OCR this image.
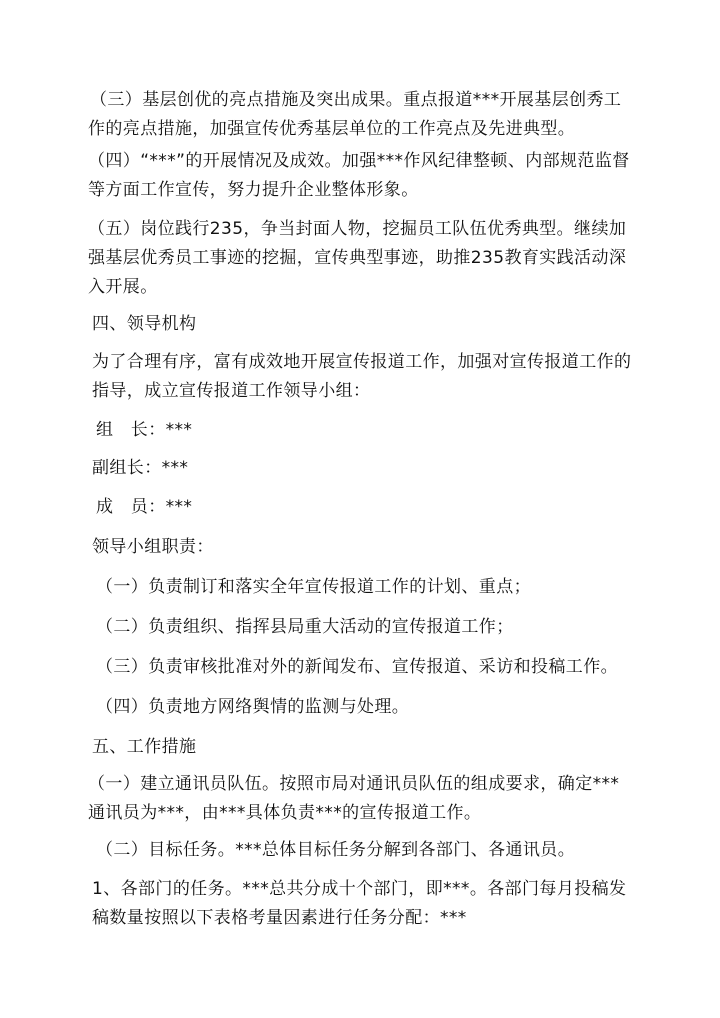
（三）基层创优的亮点措施及突出成果。重点报道***开展基层创秀工作的亮点措施，加强宣传优秀基层单位的工作亮点及先进典型。

（四）“***”的开展情况及成效。加强***作风纪律整顿、内部规范监督等方面工作宣传，努力提升企业整体形象。

（五）岗位践行235，争当封面人物，挖掘员工队伍优秀典型。继续加强基层优秀员工事迹的挖掘，宣传典型事迹，助推235教育实践活动深入开展。

四、领导机构

为了合理有序，富有成效地开展宣传报道工作，加强对宣传报道工作的指导，成立宣传报道工作领导小组：

组　长：***

副组长：***

成　员：***

领导小组职责：

（一）负责制订和落实全年宣传报道工作的计划、重点；

（二）负责组织、指挥县局重大活动的宣传报道工作；

（三）负责审核批准对外的新闻发布、宣传报道、采访和投稿工作。

（四）负责地方网络舆情的监测与处理。

五、工作措施

（一）建立通讯员队伍。按照市局对通讯员队伍的组成要求，确定***通讯员为***，由***具体负责***的宣传报道工作。

（二）目标任务。***总体目标任务分解到各部门、各通讯员。

1、各部门的任务。***总共分成十个部门，即***。各部门每月投稿发稿数量按照以下表格考量因素进行任务分配：***
